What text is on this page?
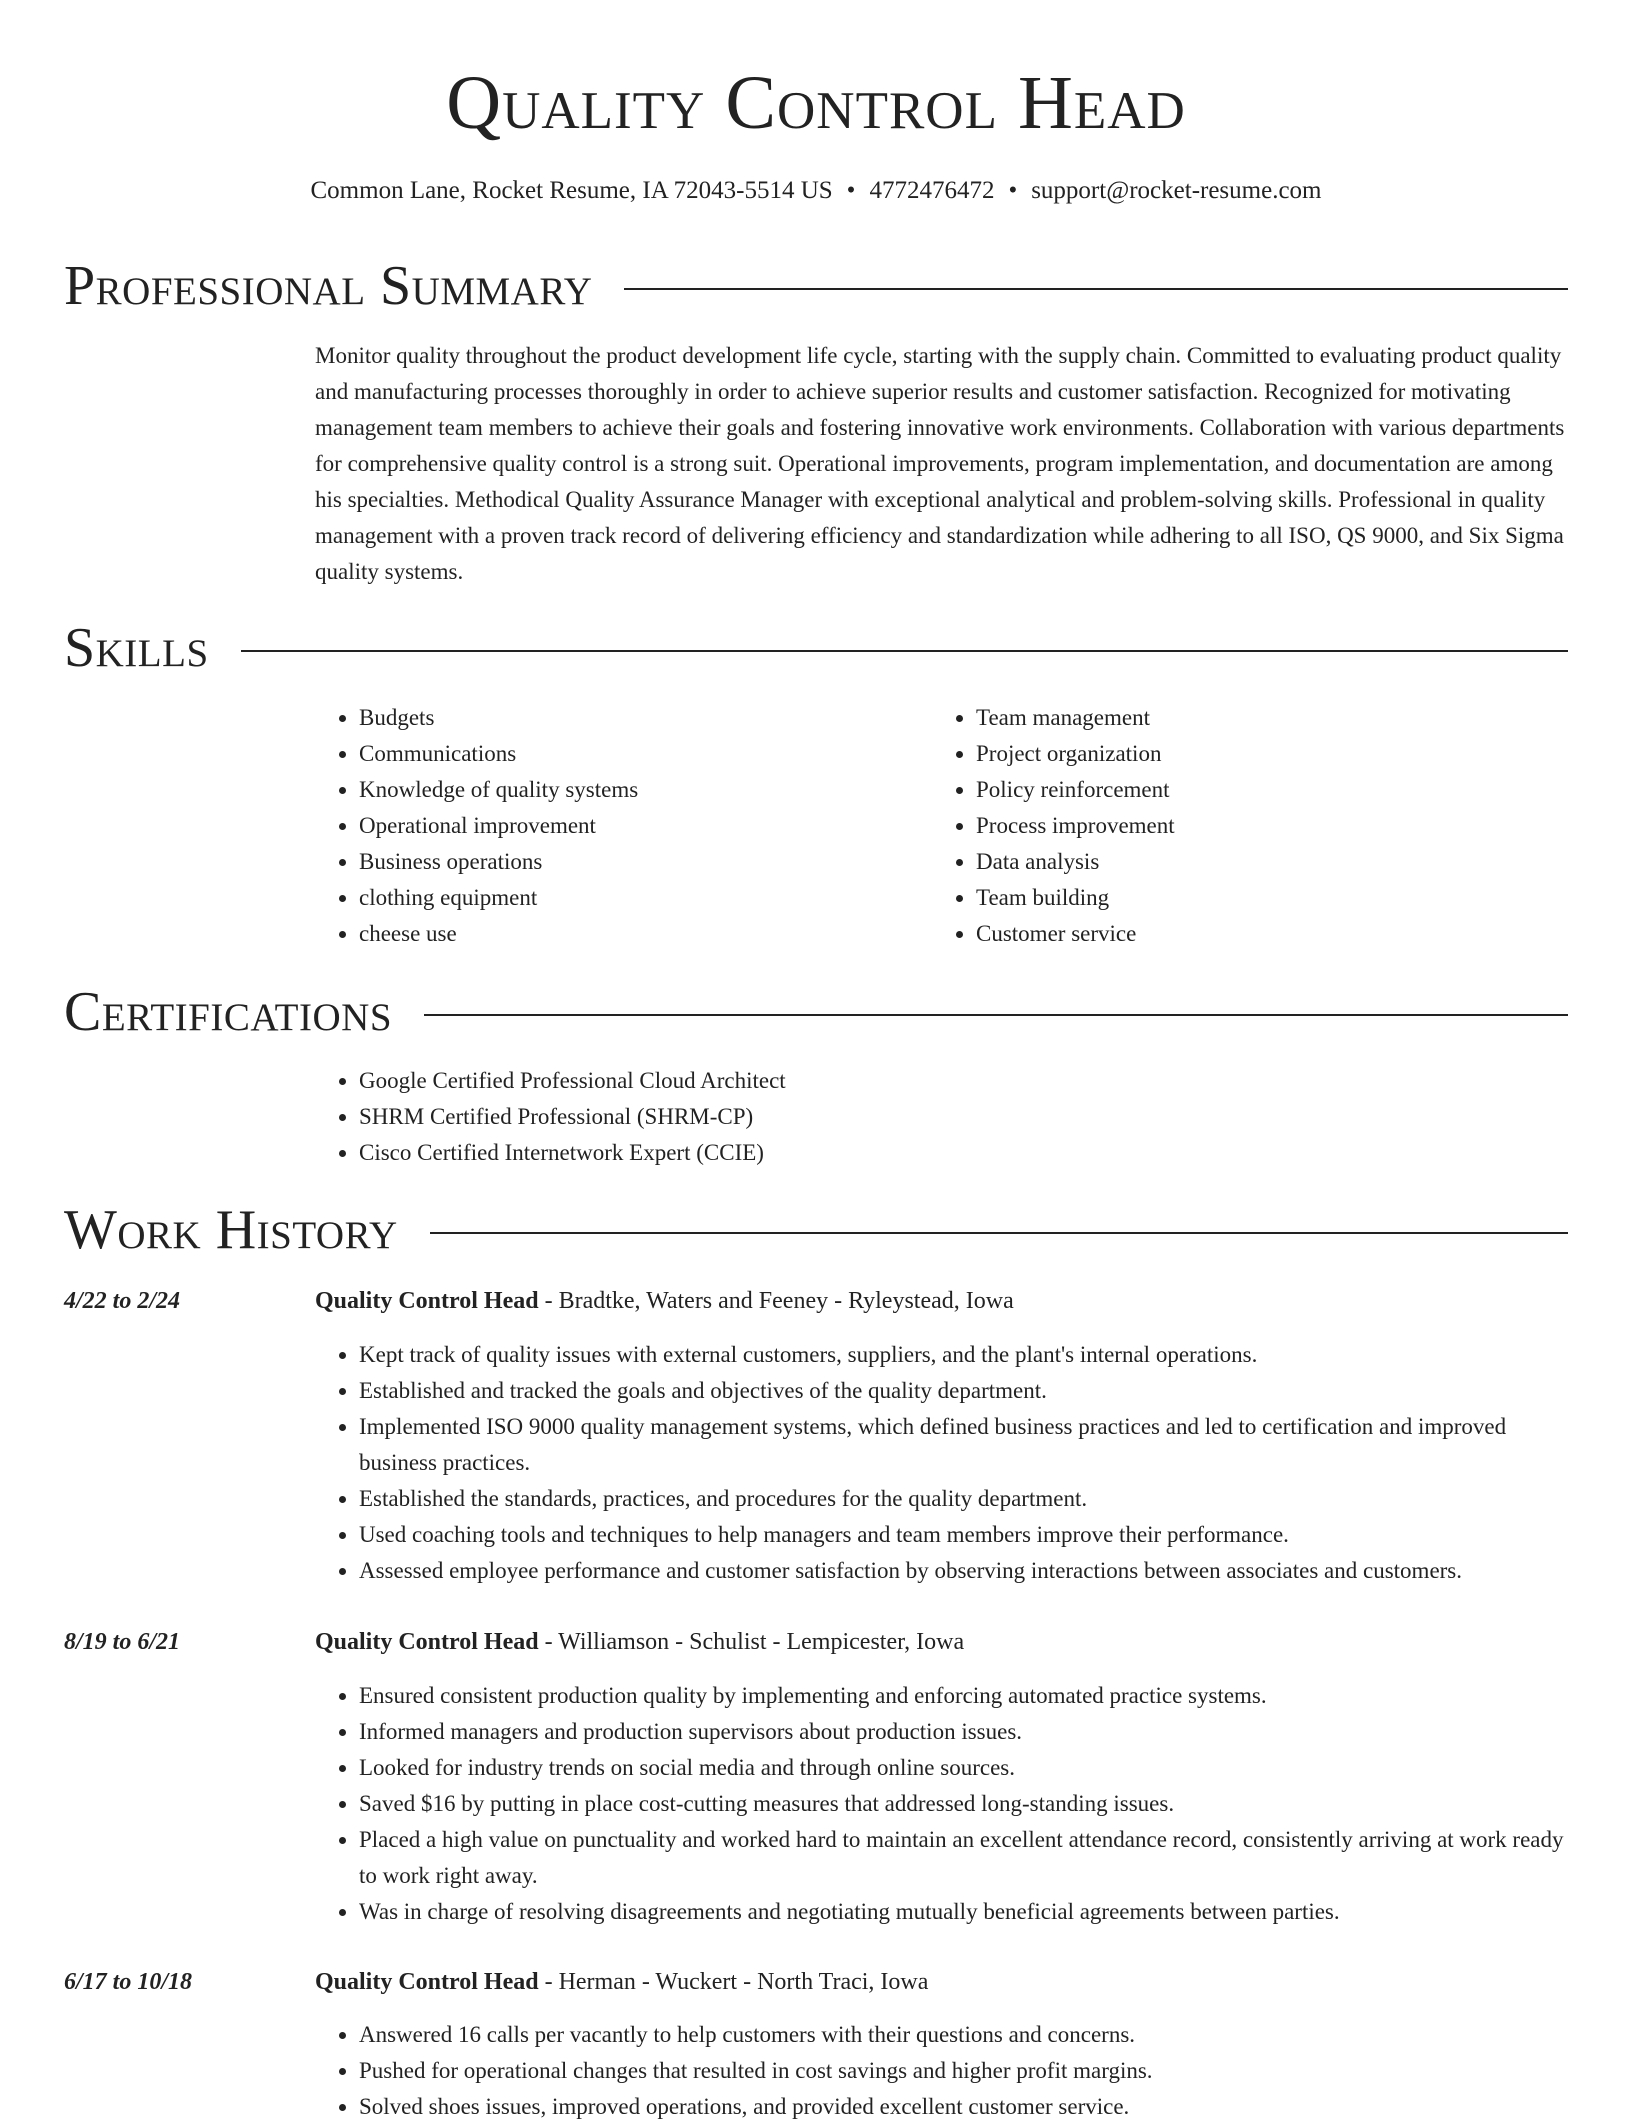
Quality Control Head
Common Lane, Rocket Resume, IA 72043-5514 US • 4772476472 • support@rocket-resume.com
Professional Summary
Monitor quality throughout the product development life cycle, starting with the supply chain. Committed to evaluating product quality and manufacturing processes thoroughly in order to achieve superior results and customer satisfaction. Recognized for motivating management team members to achieve their goals and fostering innovative work environments. Collaboration with various departments for comprehensive quality control is a strong suit. Operational improvements, program implementation, and documentation are among his specialties. Methodical Quality Assurance Manager with exceptional analytical and problem-solving skills. Professional in quality management with a proven track record of delivering efficiency and standardization while adhering to all ISO, QS 9000, and Six Sigma quality systems.
Skills
• Budgets
• Communications
• Knowledge of quality systems
• Operational improvement
• Business operations
• clothing equipment
• cheese use
• Team management
• Project organization
• Policy reinforcement
• Process improvement
• Data analysis
• Team building
• Customer service
Certifications
• Google Certified Professional Cloud Architect
• SHRM Certified Professional (SHRM-CP)
• Cisco Certified Internetwork Expert (CCIE)
Work History
4/22 to 2/24	Quality Control Head - Bradtke, Waters and Feeney - Ryleystead, Iowa
• Kept track of quality issues with external customers, suppliers, and the plant's internal operations.
• Established and tracked the goals and objectives of the quality department.
• Implemented ISO 9000 quality management systems, which defined business practices and led to certification and improved business practices.
• Established the standards, practices, and procedures for the quality department.
• Used coaching tools and techniques to help managers and team members improve their performance.
• Assessed employee performance and customer satisfaction by observing interactions between associates and customers.
8/19 to 6/21	Quality Control Head - Williamson - Schulist - Lempicester, Iowa
• Ensured consistent production quality by implementing and enforcing automated practice systems.
• Informed managers and production supervisors about production issues.
• Looked for industry trends on social media and through online sources.
• Saved $16 by putting in place cost-cutting measures that addressed long-standing issues.
• Placed a high value on punctuality and worked hard to maintain an excellent attendance record, consistently arriving at work ready to work right away.
• Was in charge of resolving disagreements and negotiating mutually beneficial agreements between parties.
6/17 to 10/18	Quality Control Head - Herman - Wuckert - North Traci, Iowa
• Answered 16 calls per vacantly to help customers with their questions and concerns.
• Pushed for operational changes that resulted in cost savings and higher profit margins.
• Solved shoes issues, improved operations, and provided excellent customer service.
